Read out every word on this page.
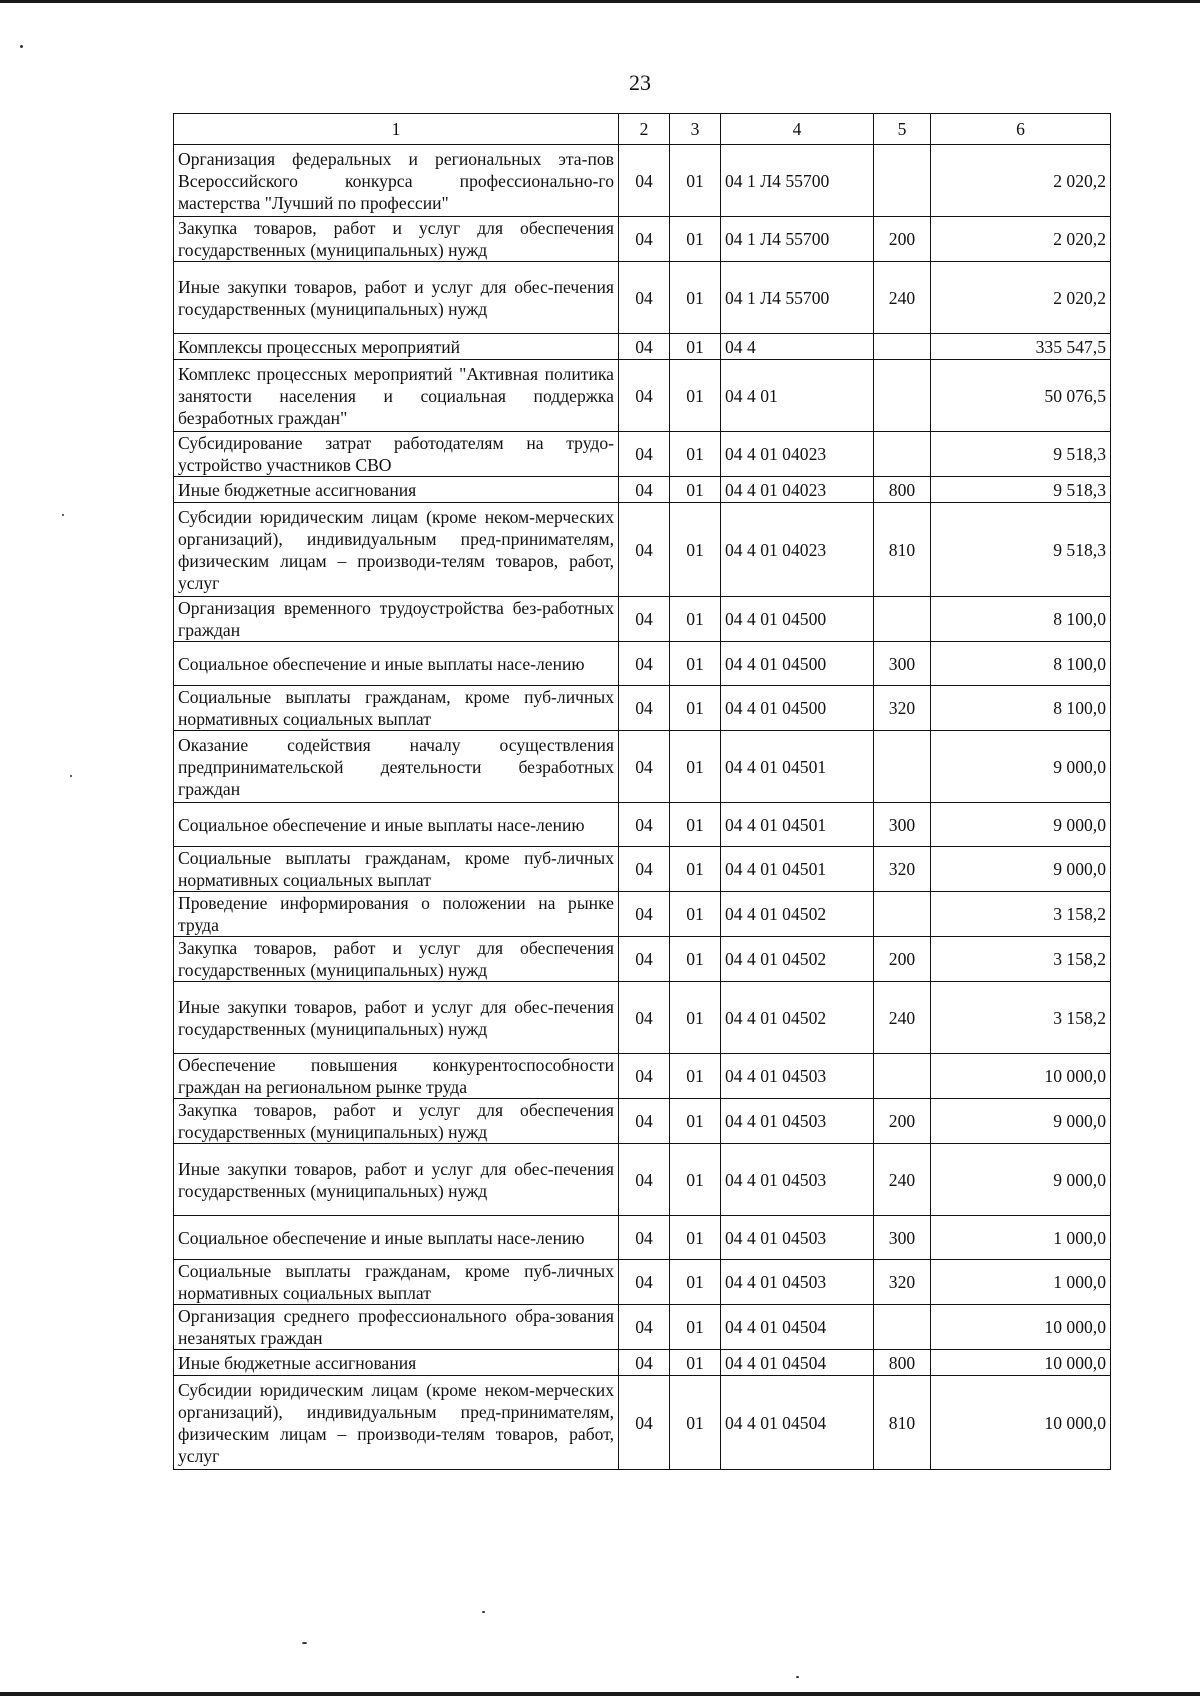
23
1	2	3	4	5	6
Организация федеральных и региональных эта-пов Всероссийского конкурса профессионально-го мастерства "Лучший по профессии"	04	01	04 1 Л4 55700		2 020,2
Закупка товаров, работ и услуг для обеспечения государственных (муниципальных) нужд	04	01	04 1 Л4 55700	200	2 020,2
Иные закупки товаров, работ и услуг для обес-печения государственных (муниципальных) нужд	04	01	04 1 Л4 55700	240	2 020,2
Комплексы процессных мероприятий	04	01	04 4		335 547,5
Комплекс процессных мероприятий "Активная политика занятости населения и социальная поддержка безработных граждан"	04	01	04 4 01		50 076,5
Субсидирование затрат работодателям на трудо-устройство участников СВО	04	01	04 4 01 04023		9 518,3
Иные бюджетные ассигнования	04	01	04 4 01 04023	800	9 518,3
Субсидии юридическим лицам (кроме неком-мерческих организаций), индивидуальным пред-принимателям, физическим лицам – производи-телям товаров, работ, услуг	04	01	04 4 01 04023	810	9 518,3
Организация временного трудоустройства без-работных граждан	04	01	04 4 01 04500		8 100,0
Социальное обеспечение и иные выплаты насе-лению	04	01	04 4 01 04500	300	8 100,0
Социальные выплаты гражданам, кроме пуб-личных нормативных социальных выплат	04	01	04 4 01 04500	320	8 100,0
Оказание содействия началу осуществления предпринимательской деятельности безработных граждан	04	01	04 4 01 04501		9 000,0
Социальное обеспечение и иные выплаты насе-лению	04	01	04 4 01 04501	300	9 000,0
Социальные выплаты гражданам, кроме пуб-личных нормативных социальных выплат	04	01	04 4 01 04501	320	9 000,0
Проведение информирования о положении на рынке труда	04	01	04 4 01 04502		3 158,2
Закупка товаров, работ и услуг для обеспечения государственных (муниципальных) нужд	04	01	04 4 01 04502	200	3 158,2
Иные закупки товаров, работ и услуг для обес-печения государственных (муниципальных) нужд	04	01	04 4 01 04502	240	3 158,2
Обеспечение повышения конкурентоспособности граждан на региональном рынке труда	04	01	04 4 01 04503		10 000,0
Закупка товаров, работ и услуг для обеспечения государственных (муниципальных) нужд	04	01	04 4 01 04503	200	9 000,0
Иные закупки товаров, работ и услуг для обес-печения государственных (муниципальных) нужд	04	01	04 4 01 04503	240	9 000,0
Социальное обеспечение и иные выплаты насе-лению	04	01	04 4 01 04503	300	1 000,0
Социальные выплаты гражданам, кроме пуб-личных нормативных социальных выплат	04	01	04 4 01 04503	320	1 000,0
Организация среднего профессионального обра-зования незанятых граждан	04	01	04 4 01 04504		10 000,0
Иные бюджетные ассигнования	04	01	04 4 01 04504	800	10 000,0
Субсидии юридическим лицам (кроме неком-мерческих организаций), индивидуальным пред-принимателям, физическим лицам – производи-телям товаров, работ, услуг	04	01	04 4 01 04504	810	10 000,0
